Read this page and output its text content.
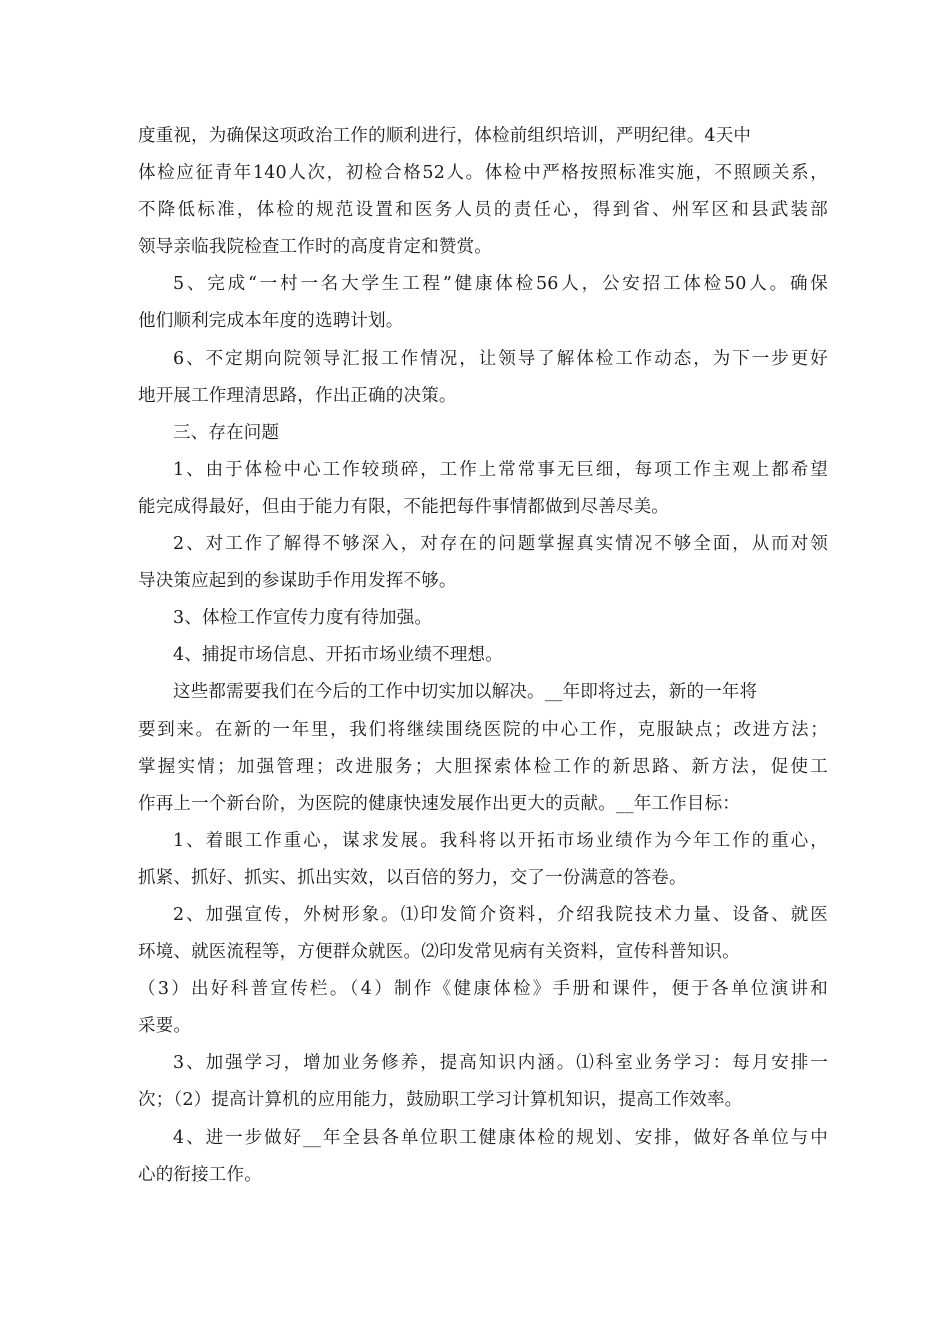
度重视，为确保这项政治工作的顺利进行，体检前组织培训，严明纪律。4天中
体检应征青年140人次，初检合格52人。体检中严格按照标准实施，不照顾关系，
不降低标准，体检的规范设置和医务人员的责任心，得到省、州军区和县武装部
领导亲临我院检查工作时的高度肯定和赞赏。
5、完成“一村一名大学生工程”健康体检56人，公安招工体检50人。确保
他们顺利完成本年度的选聘计划。
6、不定期向院领导汇报工作情况，让领导了解体检工作动态，为下一步更好
地开展工作理清思路，作出正确的决策。
三、存在问题
1、由于体检中心工作较琐碎，工作上常常事无巨细，每项工作主观上都希望
能完成得最好，但由于能力有限，不能把每件事情都做到尽善尽美。
2、对工作了解得不够深入，对存在的问题掌握真实情况不够全面，从而对领
导决策应起到的参谋助手作用发挥不够。
3、体检工作宣传力度有待加强。
4、捕捉市场信息、开拓市场业绩不理想。
这些都需要我们在今后的工作中切实加以解决。__年即将过去，新的一年将
要到来。在新的一年里，我们将继续围绕医院的中心工作，克服缺点；改进方法；
掌握实情；加强管理；改进服务；大胆探索体检工作的新思路、新方法，促使工
作再上一个新台阶，为医院的健康快速发展作出更大的贡献。__年工作目标：
1、着眼工作重心，谋求发展。我科将以开拓市场业绩作为今年工作的重心，
抓紧、抓好、抓实、抓出实效，以百倍的努力，交了一份满意的答卷。
2、加强宣传，外树形象。⑴印发简介资料，介绍我院技术力量、设备、就医
环境、就医流程等，方便群众就医。⑵印发常见病有关资料，宣传科普知识。
（3）出好科普宣传栏。（4）制作《健康体检》手册和课件，便于各单位演讲和
采要。
3、加强学习，增加业务修养，提高知识内涵。⑴科室业务学习：每月安排一
次；（2）提高计算机的应用能力，鼓励职工学习计算机知识，提高工作效率。
4、进一步做好__年全县各单位职工健康体检的规划、安排，做好各单位与中
心的衔接工作。
